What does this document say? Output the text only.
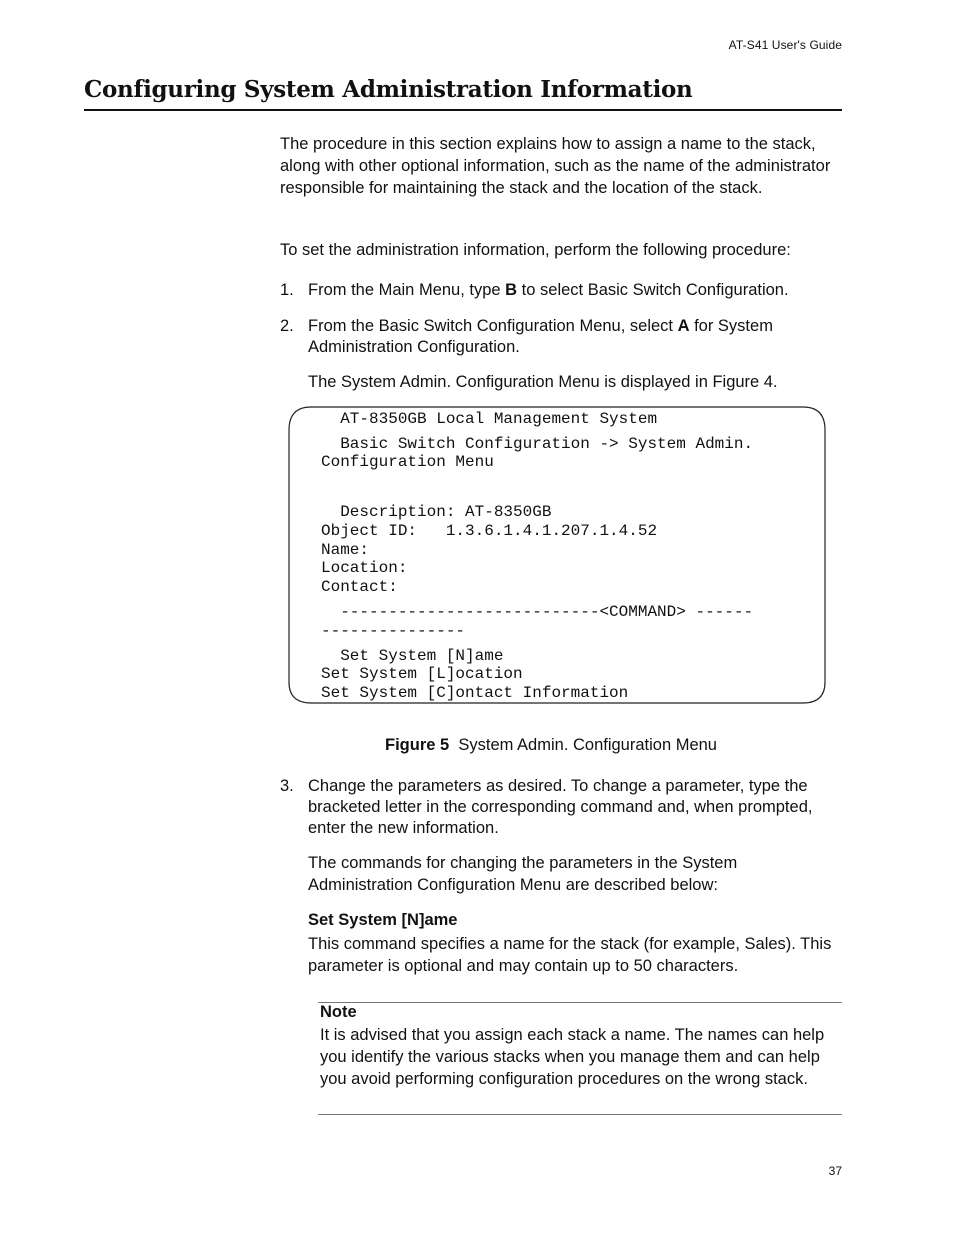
AT-S41 User's Guide
Configuring System Administration Information

The procedure in this section explains how to assign a name to the stack, along with other optional information, such as the name of the administrator responsible for maintaining the stack and the location of the stack.

To set the administration information, perform the following procedure:
1. From the Main Menu, type B to select Basic Switch Configuration.
2. From the Basic Switch Configuration Menu, select A for System Administration Configuration.
The System Admin. Configuration Menu is displayed in Figure 4.
AT-8350GB Local Management System
Basic Switch Configuration -> System Admin.
Configuration Menu
Description: AT-8350GB
Object ID:   1.3.6.1.4.1.207.1.4.52
Name:
Location:
Contact:
---------------------------<COMMAND> ------
---------------
Set System [N]ame
Set System [L]ocation
Set System [C]ontact Information
Figure 5 System Admin. Configuration Menu
3. Change the parameters as desired. To change a parameter, type the bracketed letter in the corresponding command and, when prompted, enter the new information.
The commands for changing the parameters in the System Administration Configuration Menu are described below:
Set System [N]ame
This command specifies a name for the stack (for example, Sales). This parameter is optional and may contain up to 50 characters.
Note
It is advised that you assign each stack a name. The names can help you identify the various stacks when you manage them and can help you avoid performing configuration procedures on the wrong stack.
37
